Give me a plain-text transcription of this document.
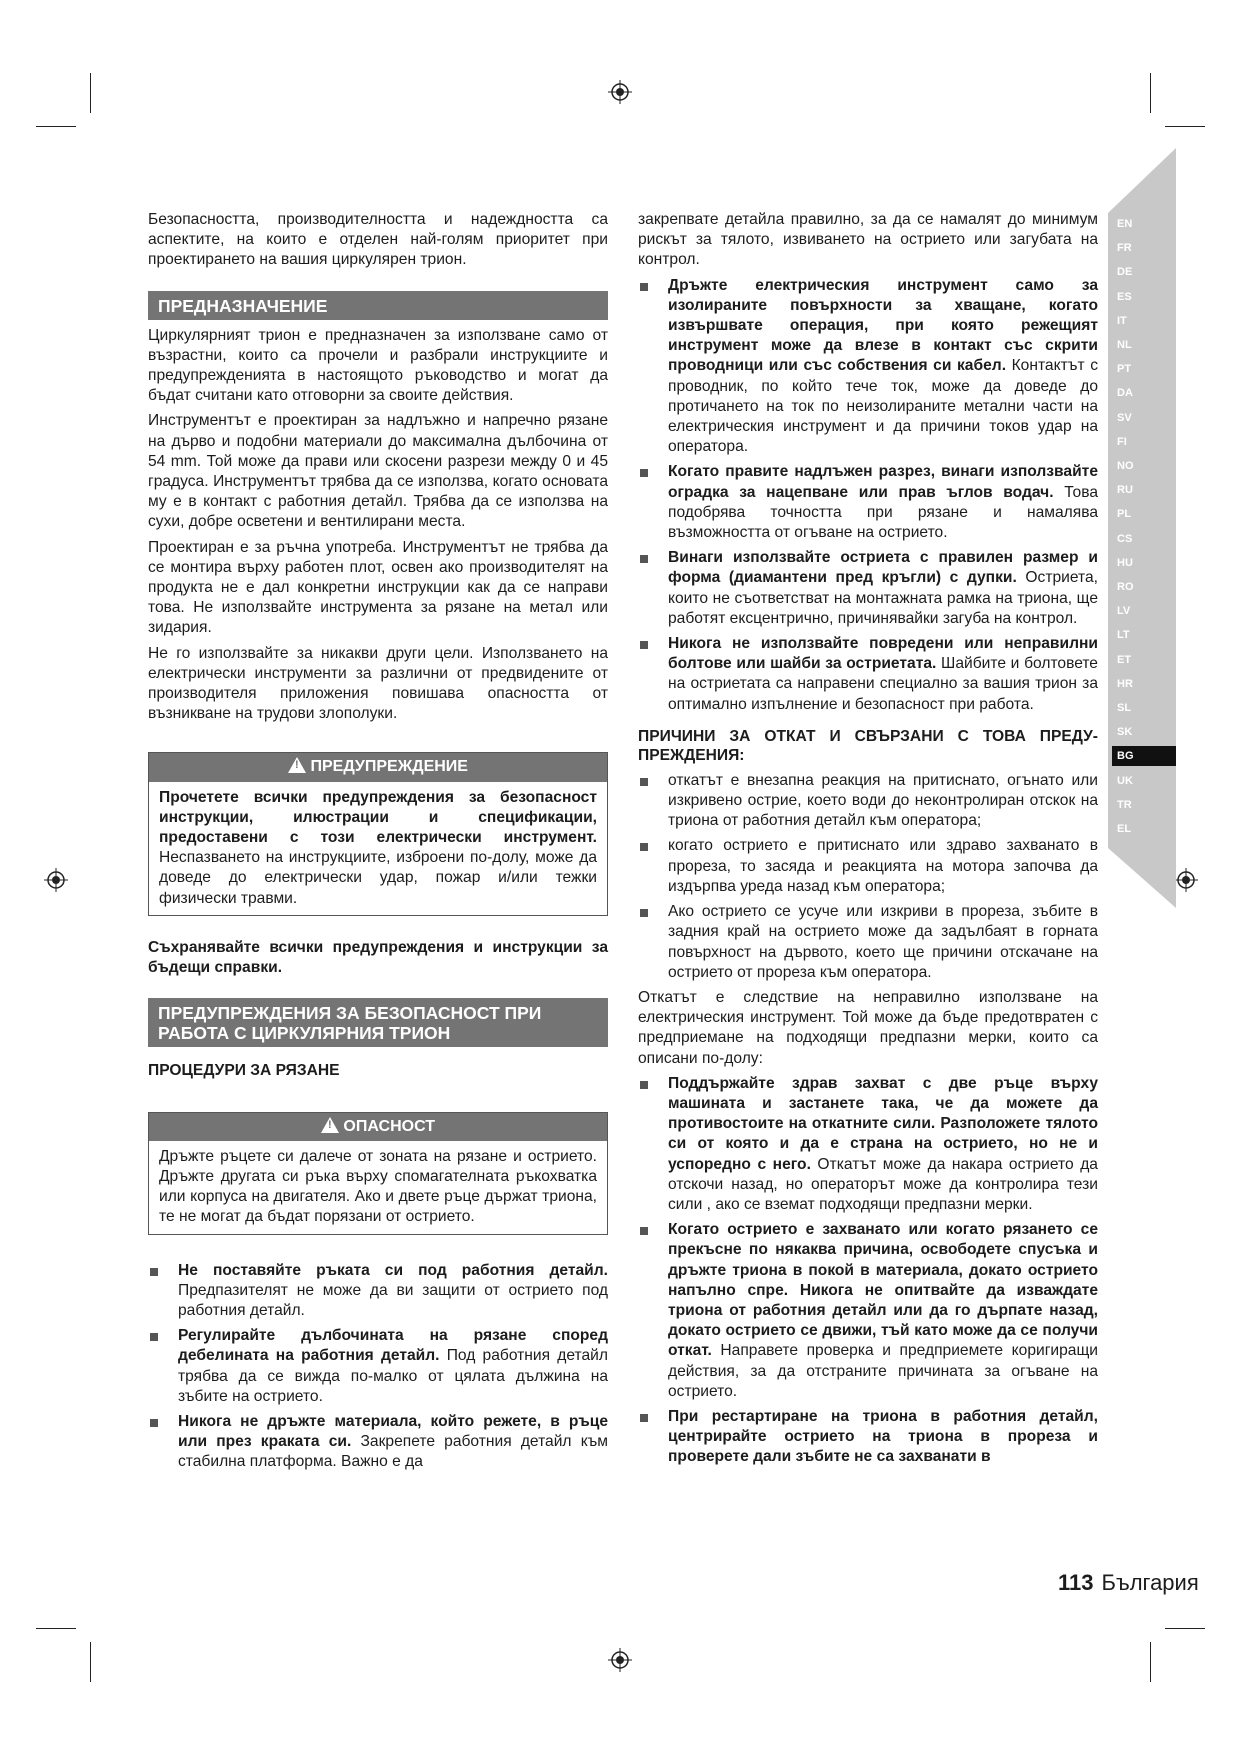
Безопасността, производителността и надеждността са аспектите, на които е отделен най-голям приоритет при проектирането на вашия циркулярен трион.

ПРЕДНАЗНАЧЕНИЕ

Циркулярният трион е предназначен за използване само от възрастни, които са прочели и разбрали инструкциите и предупрежденията в настоящото ръководство и могат да бъдат считани като отговорни за своите действия.

Инструментът е проектиран за надлъжно и напречно рязане на дърво и подобни материали до максимална дълбочина от 54 mm. Той може да прави или скосени разрези между 0 и 45 градуса. Инструментът трябва да се използва, когато основата му е в контакт с работния детайл. Трябва да се използва на сухи, добре осветени и вентилирани места.

Проектиран е за ръчна употреба. Инструментът не трябва да се монтира върху работен плот, освен ако производителят на продукта не е дал конкретни инструкции как да се направи това. Не използвайте инструмента за рязане на метал или зидария.

Не го използвайте за никакви други цели. Използването на електрически инструменти за различни от предвидените от производителя приложения повишава опасността от възникване на трудови злополуки.

! ПРЕДУПРЕЖДЕНИЕ
Прочетете всички предупреждения за безопасност инструкции, илюстрации и спецификации, предоставени с този електрически инструмент. Неспазването на инструкциите, изброени по-долу, може да доведе до електрически удар, пожар и/или тежки физически травми.

Съхранявайте всички предупреждения и инструкции за бъдещи справки.

ПРЕДУПРЕЖДЕНИЯ ЗА БЕЗОПАСНОСТ ПРИ РАБОТА С ЦИРКУЛЯРНИЯ ТРИОН

ПРОЦЕДУРИ ЗА РЯЗАНЕ

! ОПАСНОСТ
Дръжте ръцете си далече от зоната на рязане и острието. Дръжте другата си ръка върху спомагателната ръкохватка или корпуса на двигателя. Ако и двете ръце държат триона, те не могат да бъдат порязани от острието.
Не поставяйте ръката си под работния детайл. Предпазителят не може да ви защити от острието под работния детайл.
Регулирайте дълбочината на рязане според дебелината на работния детайл. Под работния детайл трябва да се вижда по-малко от цялата дължина на зъбите на острието.
Никога не дръжте материала, който режете, в ръце или през краката си. Закрепете работния детайл към стабилна платформа. Важно е да

закрепвате детайла правилно, за да се намалят до минимум рискът за тялото, извиването на острието или загубата на контрол.

Дръжте електрическия инструмент само за изолираните повърхности за хващане, когато извършвате операция, при която режещият инструмент може да влезе в контакт със скрити проводници или със собствения си кабел. Контактът с проводник, по който тече ток, може да доведе до протичането на ток по неизолираните метални части на електрическия инструмент и да причини токов удар на оператора.
Когато правите надлъжен разрез, винаги използвайте оградка за нацепване или прав ъглов водач. Това подобрява точността при рязане и намалява възможността от огъване на острието.
Винаги използвайте остриета с правилен размер и форма (диамантени пред кръгли) с дупки. Остриета, които не съответстват на монтажната рамка на триона, ще работят ексцентрично, причинявайки загуба на контрол.
Никога не използвайте повредени или неправилни болтове или шайби за остриетата. Шайбите и болтовете на остриетата са направени специално за вашия трион за оптимално изпълнение и безопасност при работа.

ПРИЧИНИ ЗА ОТКАТ И СВЪРЗАНИ С ТОВА ПРЕДУ-ПРЕЖДЕНИЯ:

откатът е внезапна реакция на притиснато, огънато или изкривено острие, което води до неконтролиран отскок на триона от работния детайл към оператора;
когато острието е притиснато или здраво захванато в прореза, то засяда и реакцията на мотора започва да издърпва уреда назад към оператора;
Ако острието се усуче или изкриви в прореза, зъбите в задния край на острието може да задълбаят в горната повърхност на дървото, което ще причини отскачане на острието от прореза към оператора.

Откатът е следствие на неправилно използване на електрическия инструмент. Той може да бъде предотвратен с предприемане на подходящи предпазни мерки, които са описани по-долу:

Поддържайте здрав захват с две ръце върху машината и застанете така, че да можете да противостоите на откатните сили. Разположете тялото си от която и да е страна на острието, но не и успоредно с него. Откатът може да накара острието да отскочи назад, но операторът може да контролира тези сили , ако се вземат подходящи предпазни мерки.
Когато острието е захванато или когато рязането се прекъсне по някаква причина, освободете спусъка и дръжте триона в покой в материала, докато острието напълно спре. Никога не опитвайте да изваждате триона от работния детайл или да го дърпате назад, докато острието се движи, тъй като може да се получи откат. Направете проверка и предприемете коригиращи действия, за да отстраните причината за огъване на острието.
При рестартиране на триона в работния детайл, центрирайте острието на триона в прореза и проверете дали зъбите не са захванати в
EN
FR
DE
ES
IT
NL
PT
DA
SV
FI
NO
RU
PL
CS
HU
RO
LV
LT
ET
HR
SL
SK
BG
UK
TR
EL
113 България
